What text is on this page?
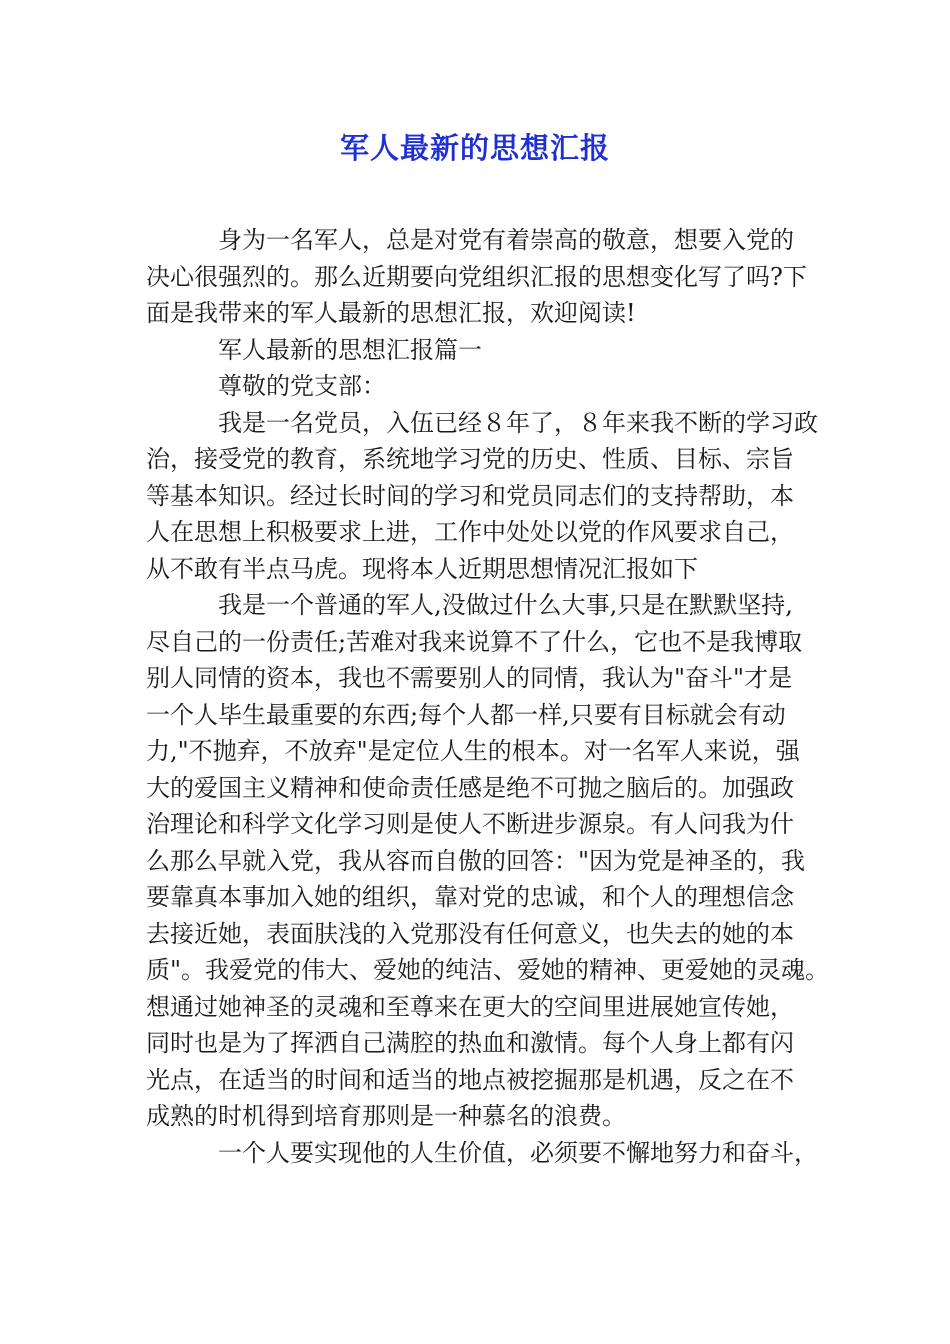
军人最新的思想汇报
身为一名军人，总是对党有着崇高的敬意，想要入党的
决心很强烈的。那么近期要向党组织汇报的思想变化写了吗?下
面是我带来的军人最新的思想汇报，欢迎阅读!
军人最新的思想汇报篇一
尊敬的党支部：
我是一名党员，入伍已经８年了，８年来我不断的学习政
治，接受党的教育，系统地学习党的历史、性质、目标、宗旨
等基本知识。经过长时间的学习和党员同志们的支持帮助，本
人在思想上积极要求上进，工作中处处以党的作风要求自己，
从不敢有半点马虎。现将本人近期思想情况汇报如下
我是一个普通的军人,没做过什么大事,只是在默默坚持,
尽自己的一份责任;苦难对我来说算不了什么，它也不是我博取
别人同情的资本，我也不需要别人的同情，我认为"奋斗"才是
一个人毕生最重要的东西;每个人都一样,只要有目标就会有动
力,"不抛弃，不放弃"是定位人生的根本。对一名军人来说，强
大的爱国主义精神和使命责任感是绝不可抛之脑后的。加强政
治理论和科学文化学习则是使人不断进步源泉。有人问我为什
么那么早就入党，我从容而自傲的回答："因为党是神圣的，我
要靠真本事加入她的组织，靠对党的忠诚，和个人的理想信念
去接近她，表面肤浅的入党那没有任何意义，也失去的她的本
质"。我爱党的伟大、爱她的纯洁、爱她的精神、更爱她的灵魂。
想通过她神圣的灵魂和至尊来在更大的空间里进展她宣传她，
同时也是为了挥洒自己满腔的热血和激情。每个人身上都有闪
光点，在适当的时间和适当的地点被挖掘那是机遇，反之在不
成熟的时机得到培育那则是一种慕名的浪费。
一个人要实现他的人生价值，必须要不懈地努力和奋斗，
